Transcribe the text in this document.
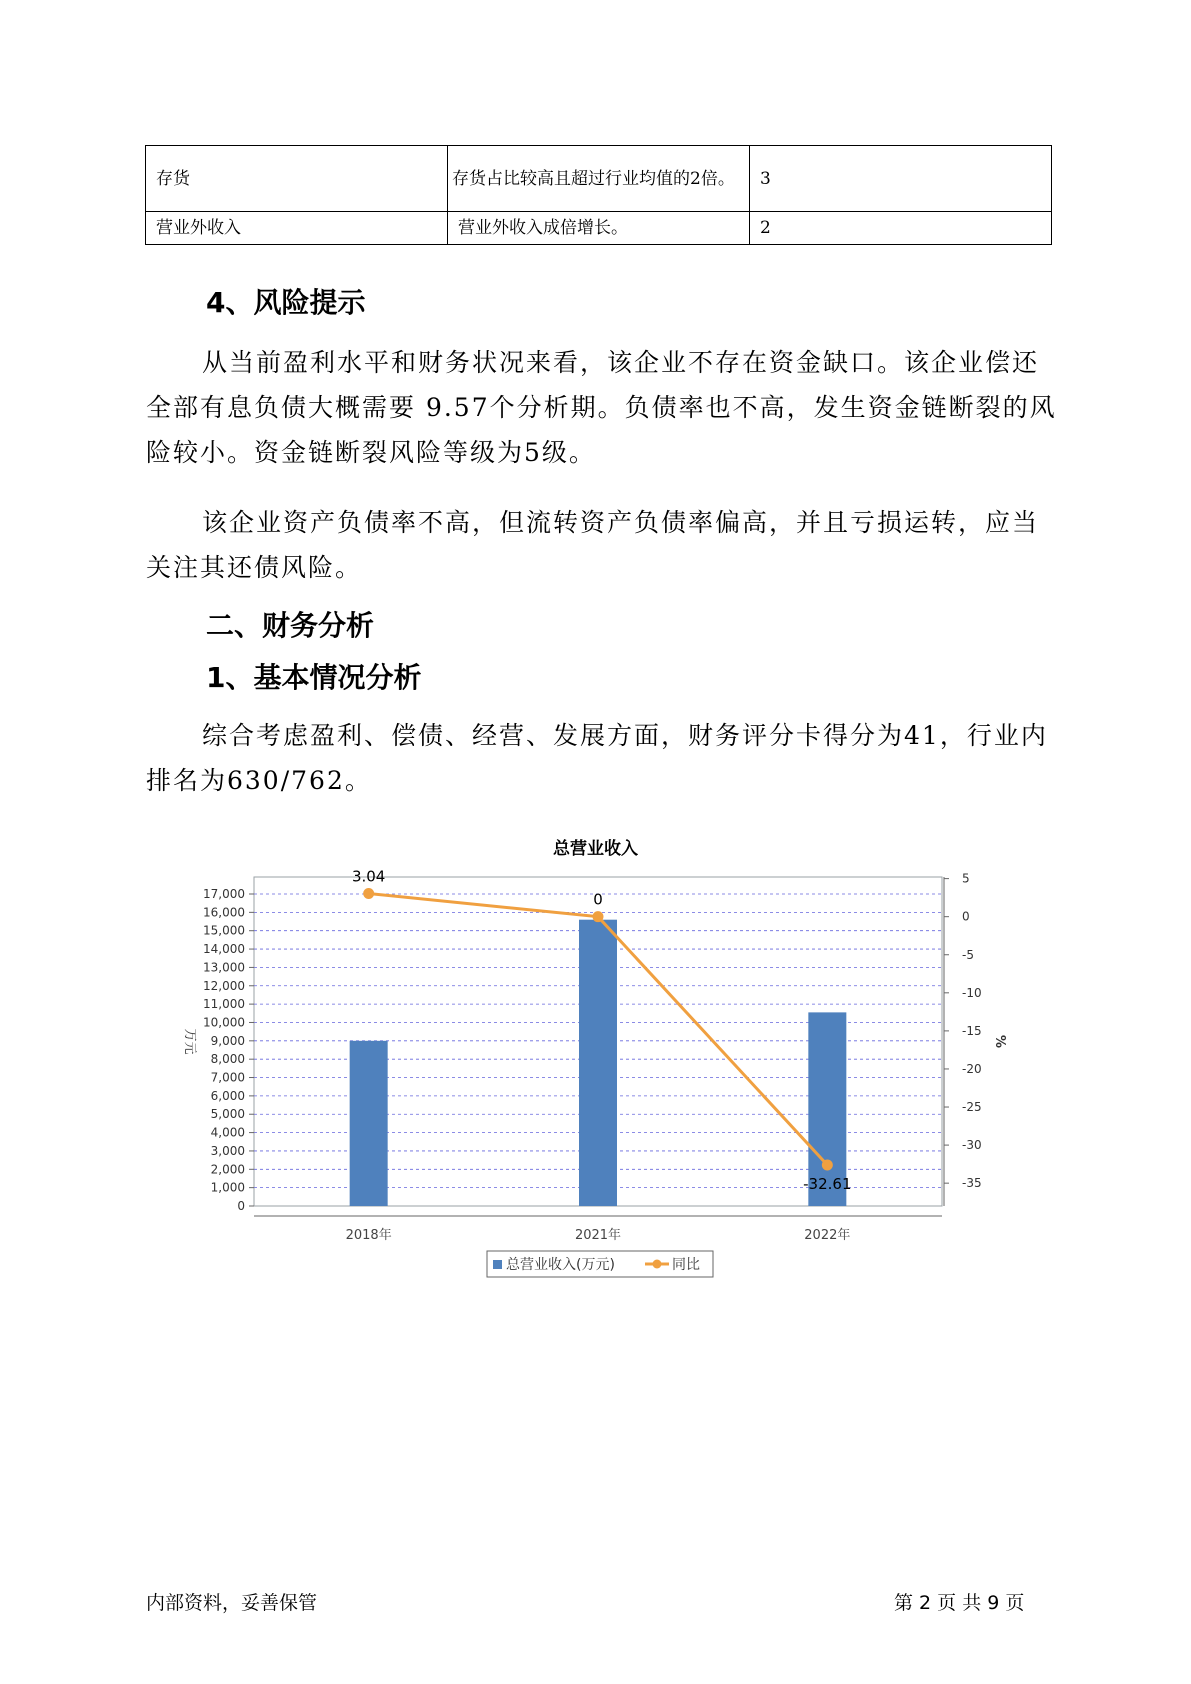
存货	存货占比较高且超过行业均值的2倍。	3
营业外收入	营业外收入成倍增长。	2
4、风险提示

从当前盈利水平和财务状况来看，该企业不存在资金缺口。该企业偿还全部有息负债大概需要 9.57个分析期。负债率也不高，发生资金链断裂的风险较小。资金链断裂风险等级为5级。

该企业资产负债率不高，但流转资产负债率偏高，并且亏损运转，应当关注其还债风险。

二、财务分析
1、基本情况分析

综合考虑盈利、偿债、经营、发展方面，财务评分卡得分为41，行业内排名为630/762。

总营业收入
0
1,000
2,000
3,000
4,000
5,000
6,000
7,000
8,000
9,000
10,000
11,000
12,000
13,000
14,000
15,000
16,000
17,000
5
0
-5
-10
-15
-20
-25
-30
-35
万元	%
2018年	2021年	2022年
3.04
0
-32.61
总营业收入(万元)	同比
内部资料，妥善保管	第 2 页 共 9 页
